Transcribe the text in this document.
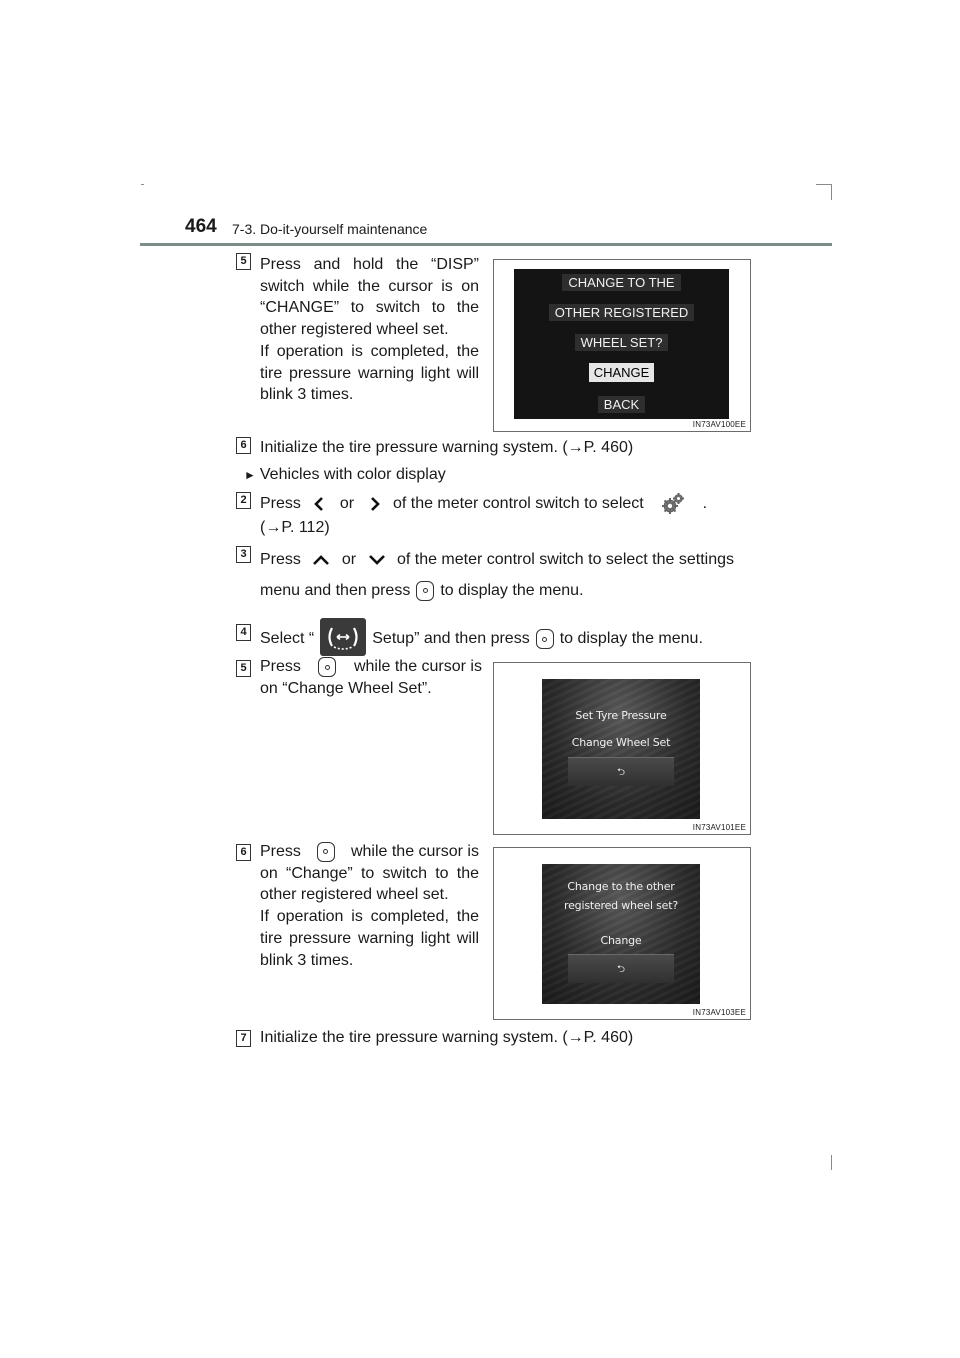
464 7-3. Do-it-yourself maintenance
5 Press and hold the “DISP” switch while the cursor is on “CHANGE” to switch to the other registered wheel set.
If operation is completed, the tire pressure warning light will blink 3 times.
CHANGE TO THE
OTHER REGISTERED
WHEEL SET?
CHANGE
BACK
IN73AV100EE
6 Initialize the tire pressure warning system. (→P. 460)
► Vehicles with color display
2 Press or of the meter control switch to select	.
(→P. 112)
3 Press	or	of the meter control switch to select the settings
menu and then press to display the menu.
4 Select “	Setup” and then press to display the menu.
5 Press	while the cursor is
on “Change Wheel Set”.
Set Tyre Pressure
Change Wheel Set
⮌
IN73AV101EE
6 Press	while the cursor is
on “Change” to switch to the other registered wheel set.
If operation is completed, the tire pressure warning light will blink 3 times.
Change to the other
registered wheel set?
Change
⮌
IN73AV103EE
7 Initialize the tire pressure warning system. (→P. 460)
